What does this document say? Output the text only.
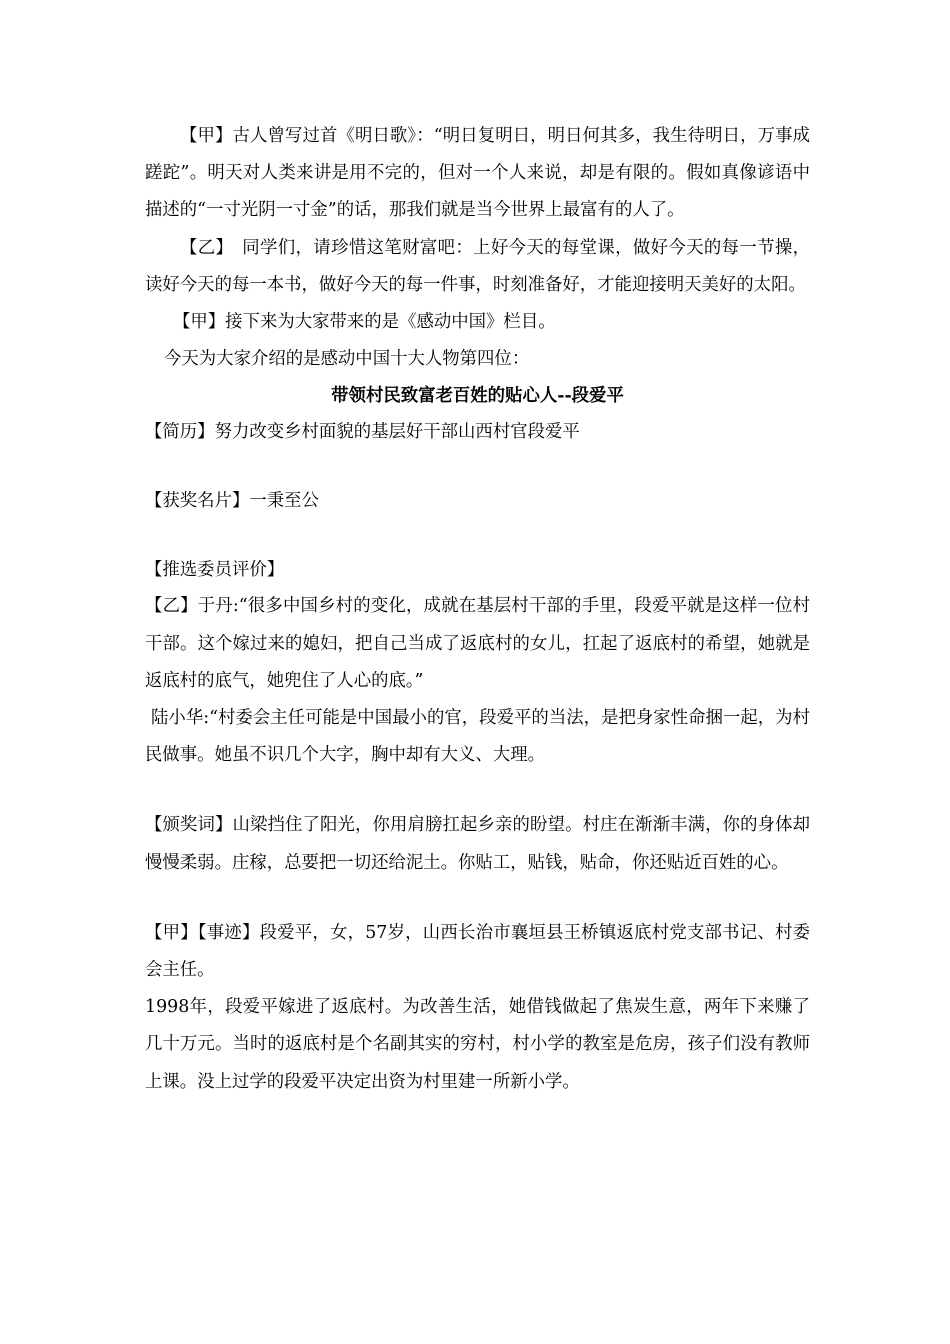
【甲】古人曾写过首《明日歌》：“明日复明日，明日何其多，我生待明日，万事成蹉跎”。明天对人类来讲是用不完的，但对一个人来说，却是有限的。假如真像谚语中描述的“一寸光阴一寸金”的话，那我们就是当今世界上最富有的人了。

【乙】　同学们，请珍惜这笔财富吧：上好今天的每堂课，做好今天的每一节操，读好今天的每一本书，做好今天的每一件事，时刻准备好，才能迎接明天美好的太阳。

【甲】接下来为大家带来的是《感动中国》栏目。

今天为大家介绍的是感动中国十大人物第四位：

带领村民致富老百姓的贴心人--段爱平

【简历】努力改变乡村面貌的基层好干部山西村官段爱平

【获奖名片】一秉至公

【推选委员评价】

【乙】于丹:“很多中国乡村的变化，成就在基层村干部的手里，段爱平就是这样一位村干部。这个嫁过来的媳妇，把自己当成了返底村的女儿，扛起了返底村的希望，她就是返底村的底气，她兜住了人心的底。”

陆小华:“村委会主任可能是中国最小的官，段爱平的当法，是把身家性命捆一起，为村民做事。她虽不识几个大字，胸中却有大义、大理。

【颁奖词】山梁挡住了阳光，你用肩膀扛起乡亲的盼望。村庄在渐渐丰满，你的身体却慢慢柔弱。庄稼，总要把一切还给泥土。你贴工，贴钱，贴命，你还贴近百姓的心。

【甲】【事迹】段爱平，女，57岁，山西长治市襄垣县王桥镇返底村党支部书记、村委会主任。

1998年，段爱平嫁进了返底村。为改善生活，她借钱做起了焦炭生意，两年下来赚了几十万元。当时的返底村是个名副其实的穷村，村小学的教室是危房，孩子们没有教师上课。没上过学的段爱平决定出资为村里建一所新小学。
